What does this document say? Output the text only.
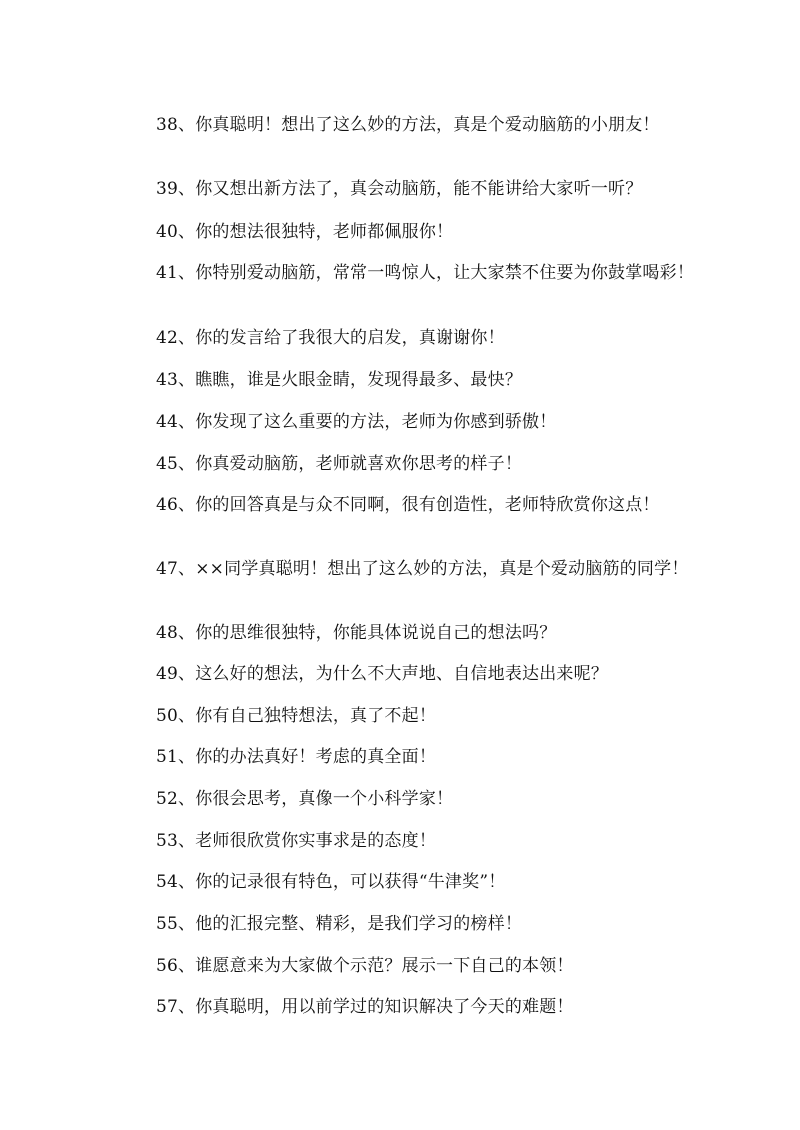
38、你真聪明！想出了这么妙的方法，真是个爱动脑筋的小朋友！

39、你又想出新方法了，真会动脑筋，能不能讲给大家听一听？

40、你的想法很独特，老师都佩服你！

41、你特别爱动脑筋，常常一鸣惊人，让大家禁不住要为你鼓掌喝彩！

42、你的发言给了我很大的启发，真谢谢你！

43、瞧瞧，谁是火眼金睛，发现得最多、最快？

44、你发现了这么重要的方法，老师为你感到骄傲！

45、你真爱动脑筋，老师就喜欢你思考的样子！

46、你的回答真是与众不同啊，很有创造性，老师特欣赏你这点！

47、××同学真聪明！想出了这么妙的方法，真是个爱动脑筋的同学！

48、你的思维很独特，你能具体说说自己的想法吗？

49、这么好的想法，为什么不大声地、自信地表达出来呢？

50、你有自己独特想法，真了不起！

51、你的办法真好！考虑的真全面！

52、你很会思考，真像一个小科学家！

53、老师很欣赏你实事求是的态度！

54、你的记录很有特色，可以获得“牛津奖”！

55、他的汇报完整、精彩，是我们学习的榜样！

56、谁愿意来为大家做个示范？展示一下自己的本领！

57、你真聪明，用以前学过的知识解决了今天的难题！
